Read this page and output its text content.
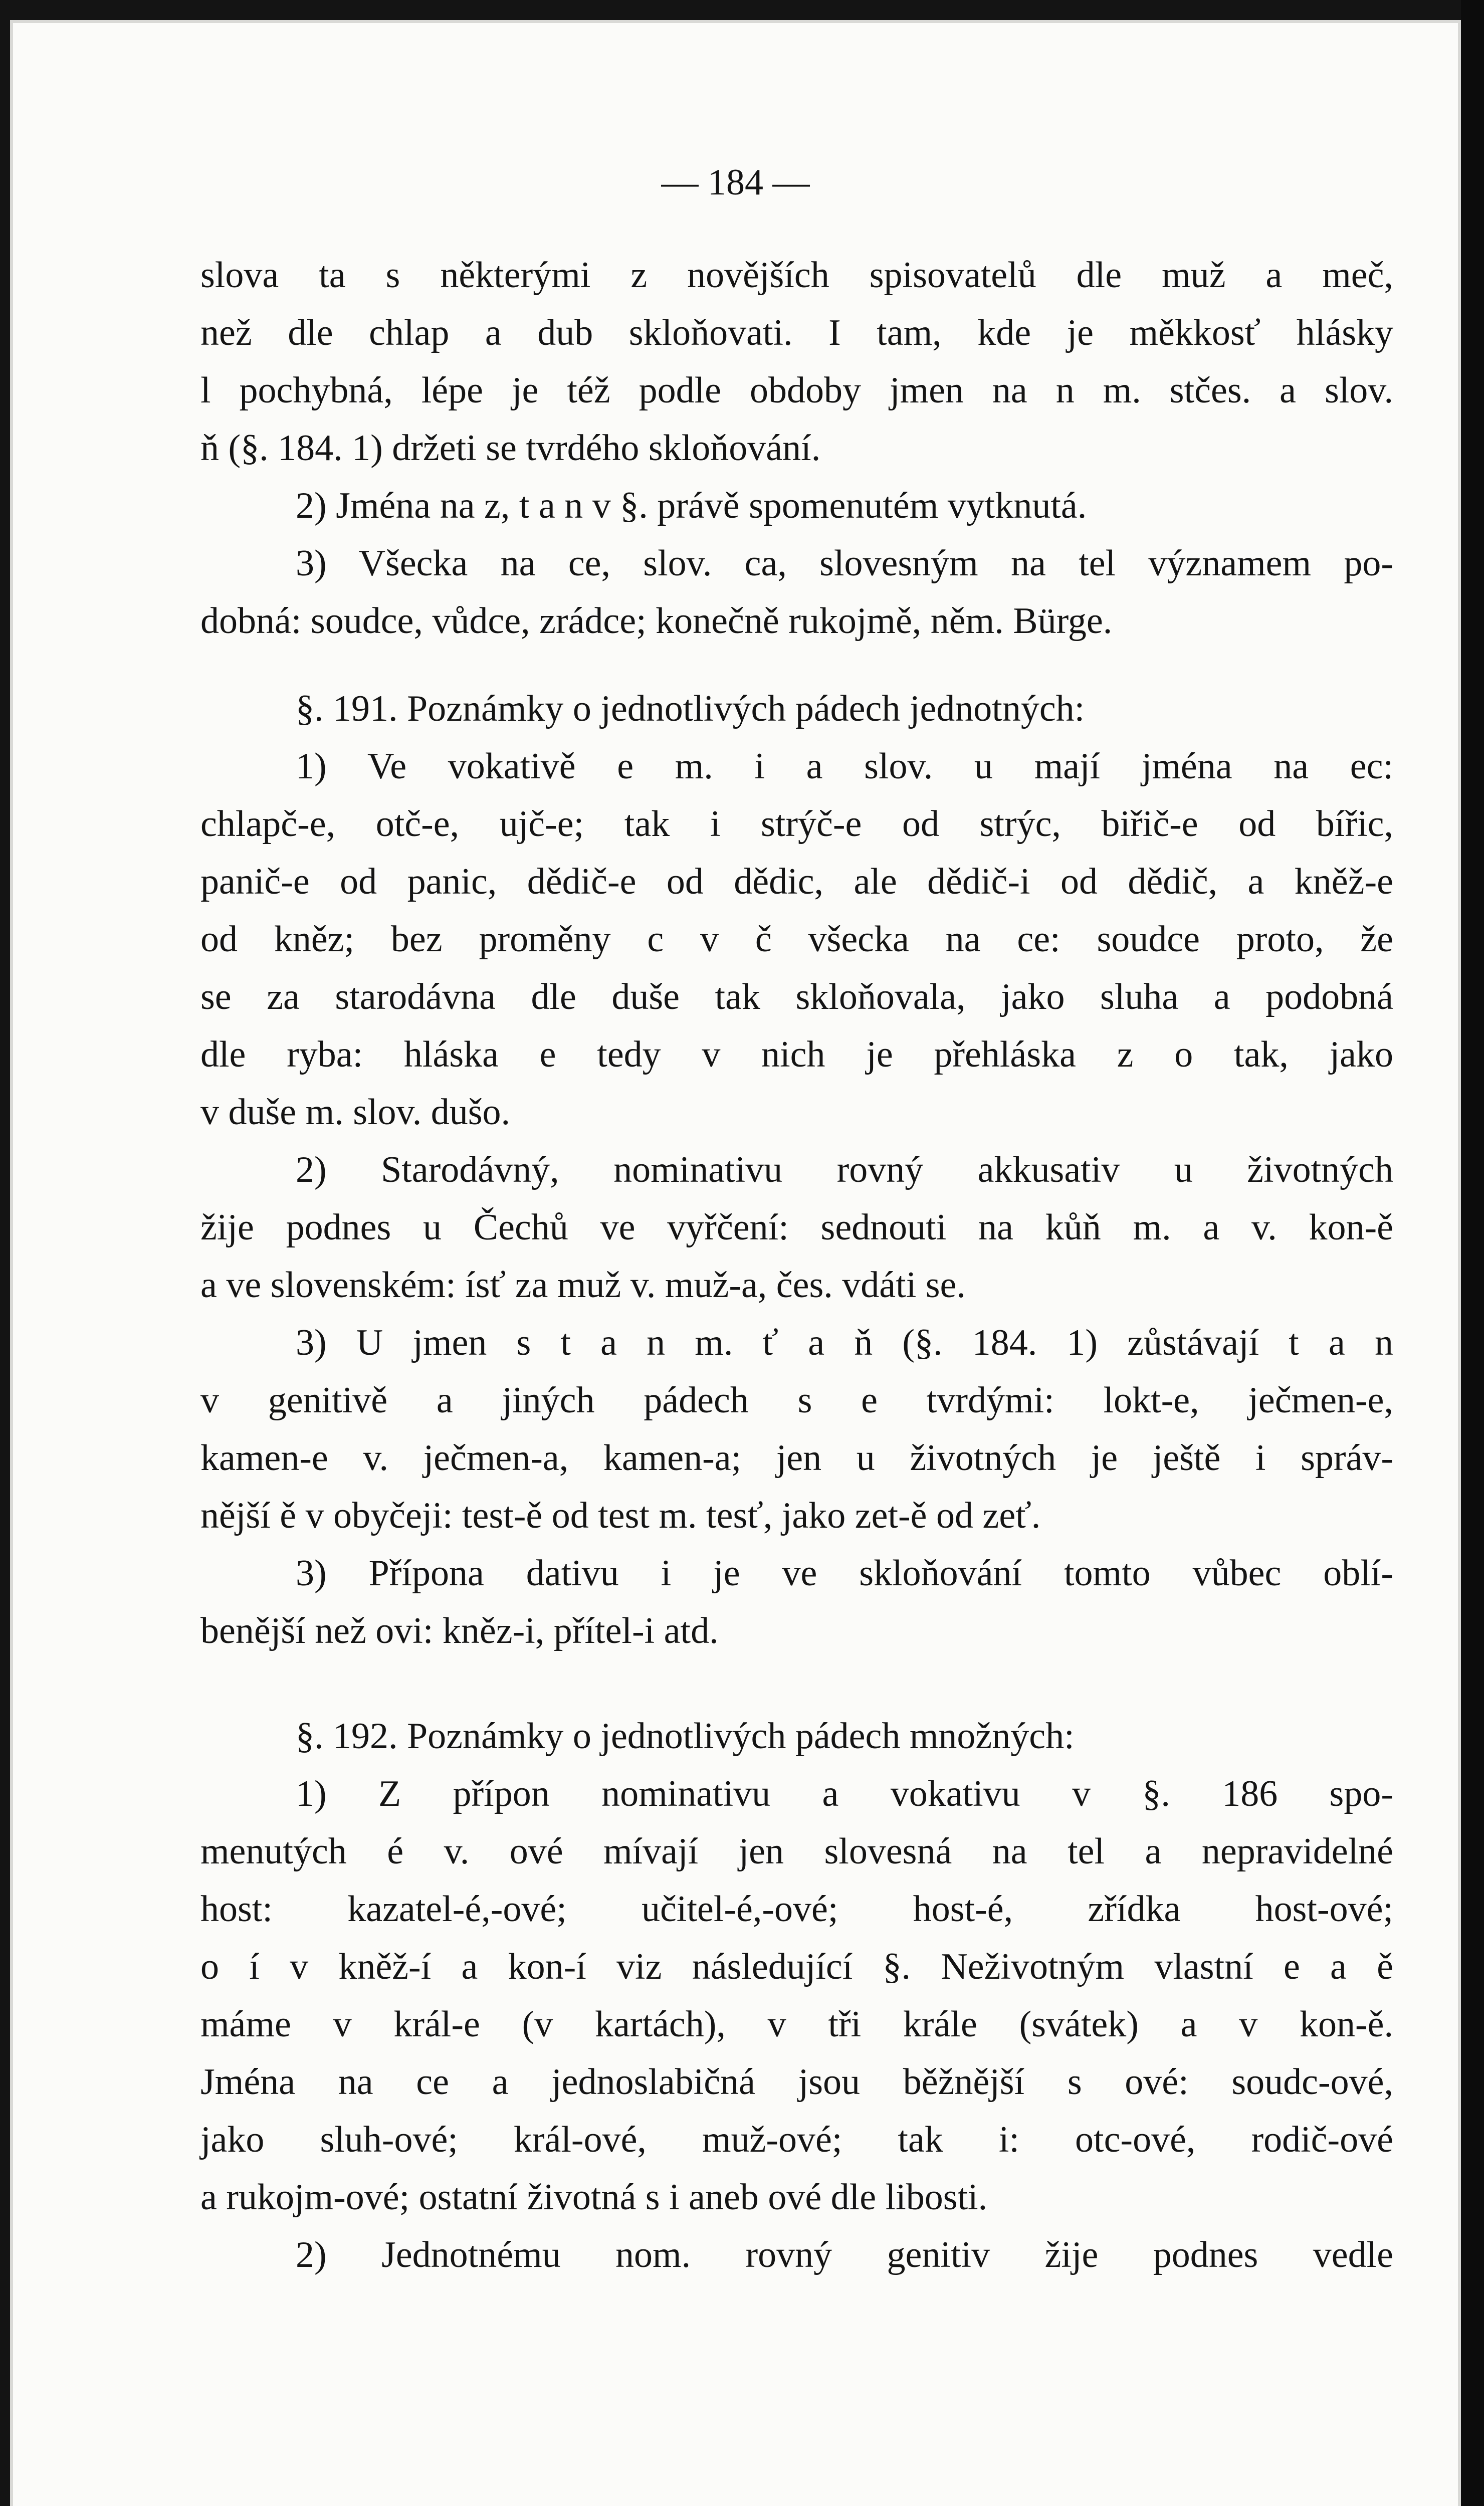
— 184 —
slova ta s některými z novějších spisovatelů dle muž a meč,
než dle chlap a dub skloňovati. I tam, kde je měkkosť hlásky
l pochybná, lépe je též podle obdoby jmen na n m. stčes. a slov.
ň (§. 184. 1) držeti se tvrdého skloňování.
2) Jména na z, t a n v §. právě spomenutém vytknutá.
3) Všecka na ce, slov. ca, slovesným na tel významem po-
dobná: soudce, vůdce, zrádce; konečně rukojmě, něm. Bürge.
§. 191. Poznámky o jednotlivých pádech jednotných:
1) Ve vokativě e m. i a slov. u mají jména na ec:
chlapč-e, otč-e, ujč-e; tak i strýč-e od strýc, biřič-e od bířic,
panič-e od panic, dědič-e od dědic, ale dědič-i od dědič, a kněž-e
od kněz; bez proměny c v č všecka na ce: soudce proto, že
se za starodávna dle duše tak skloňovala, jako sluha a podobná
dle ryba: hláska e tedy v nich je přehláska z o tak, jako
v duše m. slov. dušo.
2) Starodávný, nominativu rovný akkusativ u životných
žije podnes u Čechů ve vyřčení: sednouti na kůň m. a v. kon-ě
a ve slovenském: ísť za muž v. muž-a, čes. vdáti se.
3) U jmen s t a n m. ť a ň (§. 184. 1) zůstávají t a n
v genitivě a jiných pádech s e tvrdými: lokt-e, ječmen-e,
kamen-e v. ječmen-a, kamen-a; jen u životných je ještě i správ-
nější ě v obyčeji: test-ě od test m. tesť, jako zet-ě od zeť.
3) Přípona dativu i je ve skloňování tomto vůbec oblí-
benější než ovi: kněz-i, přítel-i atd.
§. 192. Poznámky o jednotlivých pádech množných:
1) Z přípon nominativu a vokativu v §. 186 spo-
menutých é v. ové mívají jen slovesná na tel a nepravidelné
host: kazatel-é,-ové; učitel-é,-ové; host-é, zřídka host-ové;
o í v kněž-í a kon-í viz následující §. Neživotným vlastní e a ě
máme v král-e (v kartách), v tři krále (svátek) a v kon-ě.
Jména na ce a jednoslabičná jsou běžnější s ové: soudc-ové,
jako sluh-ové; král-ové, muž-ové; tak i: otc-ové, rodič-ové
a rukojm-ové; ostatní životná s i aneb ové dle libosti.
2) Jednotnému nom. rovný genitiv žije podnes vedle
